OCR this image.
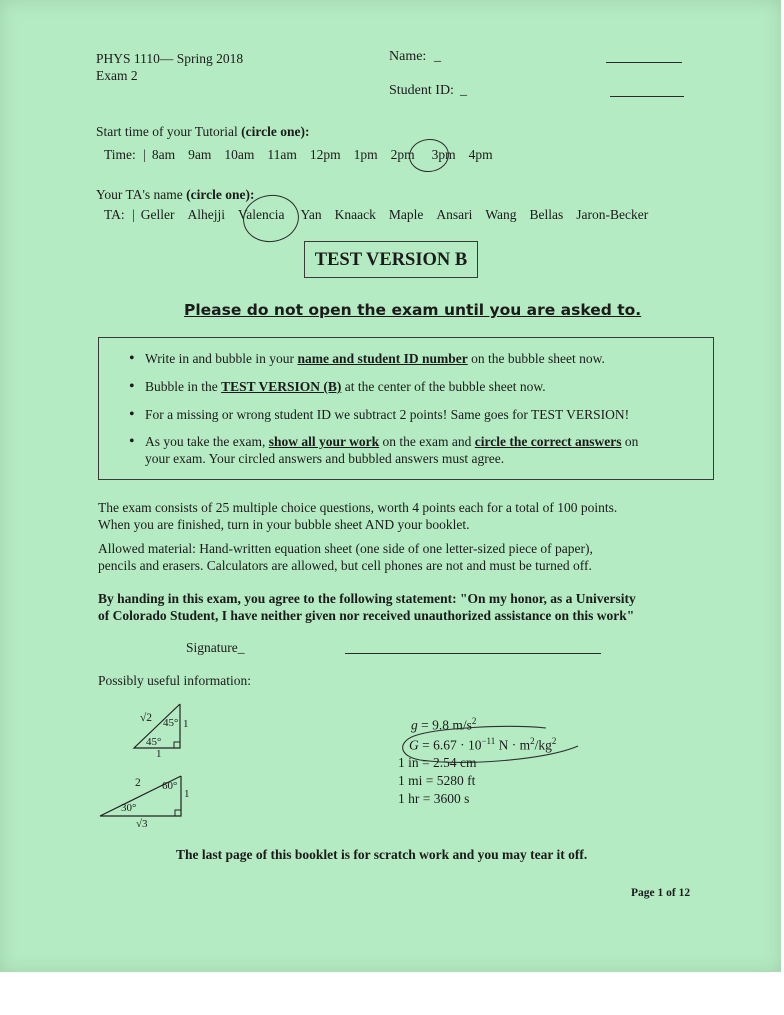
PHYS 1110— Spring 2018
Exam 2
Name: _
Student ID: _
Start time of your Tutorial (circle one):
Time: | 8am 9am 10am 11am 12pm 1pm 2pm 3pm 4pm
Your TA's name (circle one):
TA: | Geller Alhejji Valencia Yan Knaack Maple Ansari Wang Bellas Jaron-Becker
TEST VERSION B
Please do not open the exam until you are asked to.
• Write in and bubble in your name and student ID number on the bubble sheet now.
• Bubble in the TEST VERSION (B) at the center of the bubble sheet now.
• For a missing or wrong student ID we subtract 2 points! Same goes for TEST VERSION!
• As you take the exam, show all your work on the exam and circle the correct answers on
your exam. Your circled answers and bubbled answers must agree.
The exam consists of 25 multiple choice questions, worth 4 points each for a total of 100 points.
When you are finished, turn in your bubble sheet AND your booklet.
Allowed material: Hand-written equation sheet (one side of one letter-sized piece of paper),
pencils and erasers. Calculators are allowed, but cell phones are not and must be turned off.
By handing in this exam, you agree to the following statement: "On my honor, as a University
of Colorado Student, I have neither given nor received unauthorized assistance on this work"
Signature_
Possibly useful information:
√2 45° 1
45°
1
2 60°
1
30°
√3
g = 9.8 $m/s^2$
$G = 6.67 \cdot 10^{-11}$ $N \cdot m^2/kg^2$
1 in = 2.54 cm
1 mi = 5280 ft
1 hr = 3600 s
The last page of this booklet is for scratch work and you may tear it off.
Page 1 of 12
